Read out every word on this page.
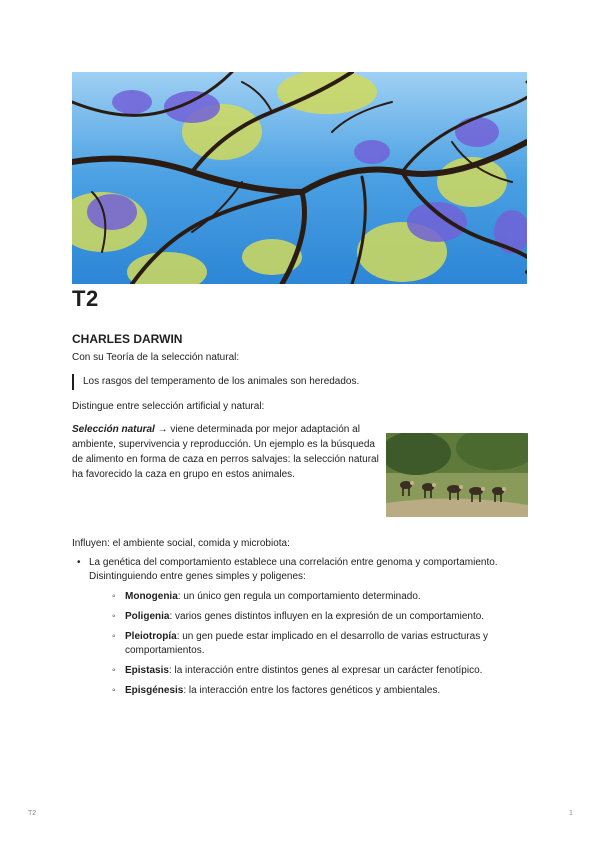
T2
CHARLES DARWIN

Con su Teoría de la selección natural:

Los rasgos del temperamento de los animales son heredados.

Distingue entre selección artificial y natural:

Selección natural → viene determinada por mejor adaptación al ambiente, supervivencia y reproducción. Un ejemplo es la búsqueda de alimento en forma de caza en perros salvajes: la selección natural ha favorecido la caza en grupo en estos animales.

Influyen: el ambiente social, comida y microbiota:

• La genética del comportamiento establece una correlación entre genoma y comportamiento. Disintinguiendo entre genes simples y poligenes:
◦ Monogenia: un único gen regula un comportamiento determinado.
◦ Poligenia: varios genes distintos influyen en la expresión de un comportamiento.
◦ Pleiotropía: un gen puede estar implicado en el desarrollo de varias estructuras y comportamientos.
◦ Epistasis: la interacción entre distintos genes al expresar un carácter fenotípico.
◦ Episgénesis: la interacción entre los factores genéticos y ambientales.
T2	1
